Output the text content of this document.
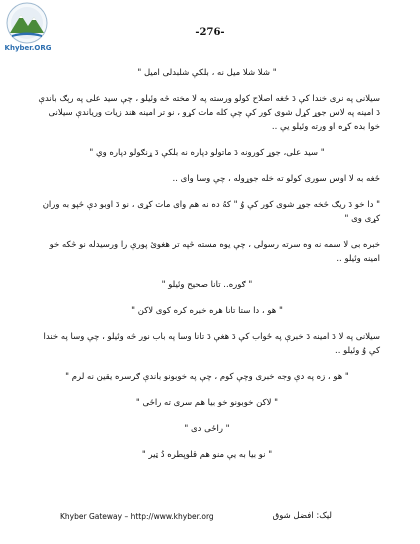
Khyber.ORG
-276-

" شلا شلا میل نه ، بلکې شلبدلی امیل "

سیلانی په نری خندا کې دَ ځغه اصلاح کولو ورسته په لا مخته څه وئیلو ، چې سید علی په رېګ باندې دَ امینه په لاس جوړ کړل شوی کور کې چې کله مات کړو ، نو تر امینه هند زیات وریاندې سیلانی خوا بده کړه او ورته وئیلو یې ..

" سید علی، جوړ کورونه دَ ماتولو دپاره نه بلکې دَ ړنګولو دپاره وي "

ځغه به لا اوس سوری کولو ته خله جوړوله ، چې وسا وای ..

" دا خو دَ ریګ څخه جوړ شوی کور کې وُ " کهُ ده نه هم وای مات کړی ، نو دَ اوبو دې څپو به وران کړی وی "

خبره بی لا سمه نه وه سرته رسولی ، چې یوه مسته څپه تر هغوئ پورې را ورسیدله نو څکه خو امینه وئیلو ..

" ګوره.. تانا صحیح وئیلو "

" هو ، دا ستا تانا هره خبره کره کوی لاکن "

سیلانی په لا دَ امینه دَ خبرې په ځواب کې دَ هغې دَ تانا وسا په باب نور څه وئیلو ، چې وسا په خندا کې وُ وئیلو ..

" هو ، زه په دې وجه خبری وچې کوم ، چې په خوبونو باندې ګرسره یقین نه لرم "

" لاکن خوبونو خو بیا هم سری ته راځی "

" راځی دی "

" نو بیا به یې منو هم قلوپطره دُ ټیر "

Khyber Gateway – http://www.khyber.org	لیک: افضل شوق
